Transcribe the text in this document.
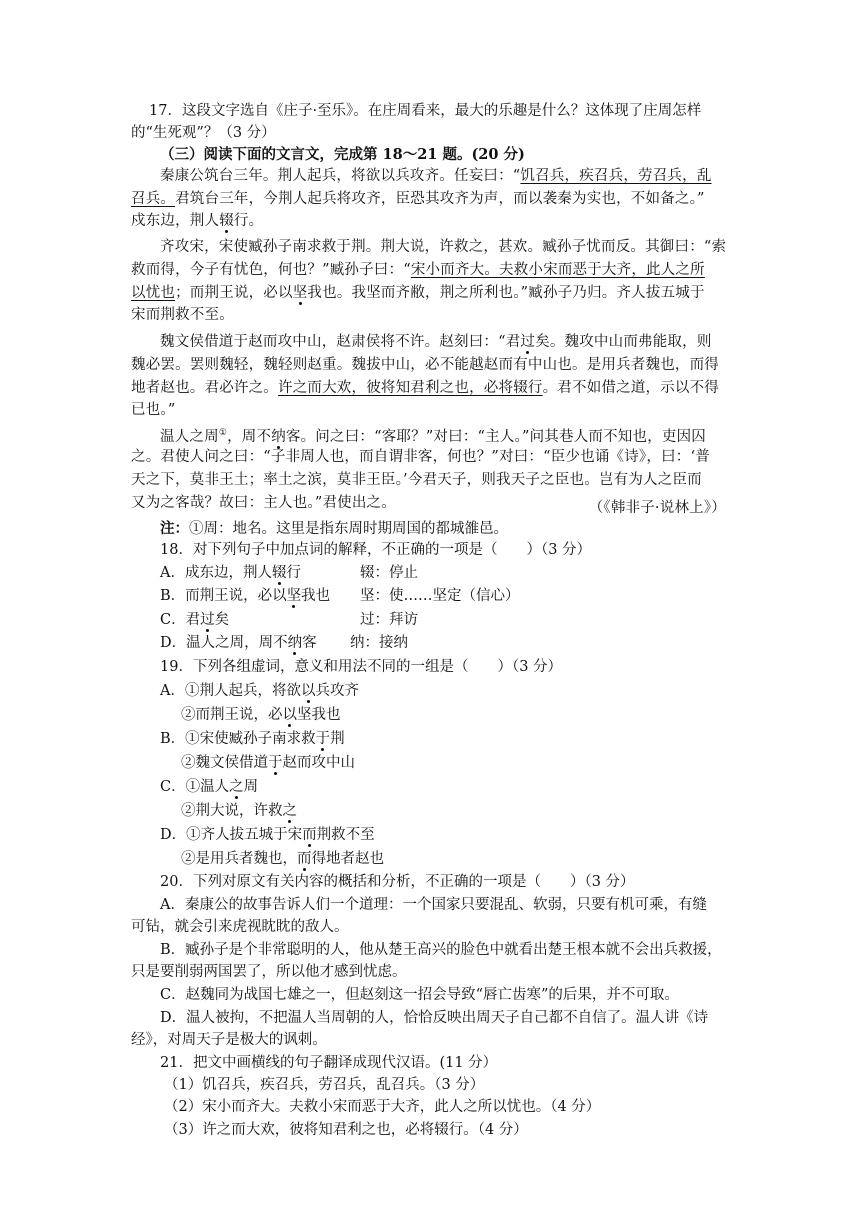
17．这段文字选自《庄子·至乐》。在庄周看来，最大的乐趣是什么？这体现了庄周怎样
的“生死观”？（3 分）
（三）阅读下面的文言文，完成第 18～21 题。(20 分)
秦康公筑台三年。荆人起兵，将欲以兵攻齐。任妄曰：“饥召兵，疾召兵，劳召兵，乱
召兵。君筑台三年，今荆人起兵将攻齐，臣恐其攻齐为声，而以袭秦为实也，不如备之。”
戍东边，荆人辍行。
齐攻宋，宋使臧孙子南求救于荆。荆大说，许救之，甚欢。臧孙子忧而反。其御曰：“索
救而得，今子有忧色，何也？”臧孙子曰：“宋小而齐大。夫救小宋而恶于大齐，此人之所
以忧也；而荆王说，必以坚我也。我坚而齐敝，荆之所利也。”臧孙子乃归。齐人拔五城于
宋而荆救不至。
魏文侯借道于赵而攻中山，赵肃侯将不许。赵刻曰：“君过矣。魏攻中山而弗能取，则
魏必罢。罢则魏轻，魏轻则赵重。魏拔中山，必不能越赵而有中山也。是用兵者魏也，而得
地者赵也。君必许之。许之而大欢，彼将知君利之也，必将辍行。君不如借之道，示以不得
已也。”
温人之周①，周不纳客。问之曰：“客耶？”对曰：“主人。”问其巷人而不知也，吏因囚
之。君使人问之曰：“子非周人也，而自谓非客，何也？”对曰：“臣少也诵《诗》，曰：‘普
天之下，莫非王土；率土之滨，莫非王臣。’今君天子，则我天子之臣也。岂有为人之臣而
又为之客哉？故曰：主人也。”君使出之。	（《韩非子·说林上》）
注：①周：地名。这里是指东周时期周国的都城雒邑。
18．对下列句子中加点词的解释，不正确的一项是（　　）（3 分）
A．成东边，荆人辍行	辍：停止
B．而荆王说，必以坚我也 坚：使……坚定（信心）
C．君过矣	过：拜访
D．温人之周，周不纳客 纳：接纳
19．下列各组虚词，意义和用法不同的一组是（　　）（3 分）
A．①荆人起兵，将欲以兵攻齐
②而荆王说，必以坚我也
B．①宋使臧孙子南求救于荆
②魏文侯借道于赵而攻中山
C．①温人之周
②荆大说，许救之
D．①齐人拔五城于宋而荆救不至
②是用兵者魏也，而得地者赵也
20．下列对原文有关内容的概括和分析，不正确的一项是（　　）（3 分）
A．秦康公的故事告诉人们一个道理：一个国家只要混乱、软弱，只要有机可乘，有缝
可钻，就会引来虎视眈眈的敌人。
B．臧孙子是个非常聪明的人，他从楚王高兴的脸色中就看出楚王根本就不会出兵救援，
只是要削弱两国罢了，所以他才感到忧虑。
C．赵魏同为战国七雄之一，但赵刻这一招会导致“唇亡齿寒”的后果，并不可取。
D．温人被拘，不把温人当周朝的人，恰恰反映出周天子自己都不自信了。温人讲《诗
经》，对周天子是极大的讽刺。
21．把文中画横线的句子翻译成现代汉语。(11 分）
（1）饥召兵，疾召兵，劳召兵，乱召兵。（3 分）
（2）宋小而齐大。夫救小宋而恶于大齐，此人之所以忧也。（4 分）
（3）许之而大欢，彼将知君利之也，必将辍行。（4 分）
